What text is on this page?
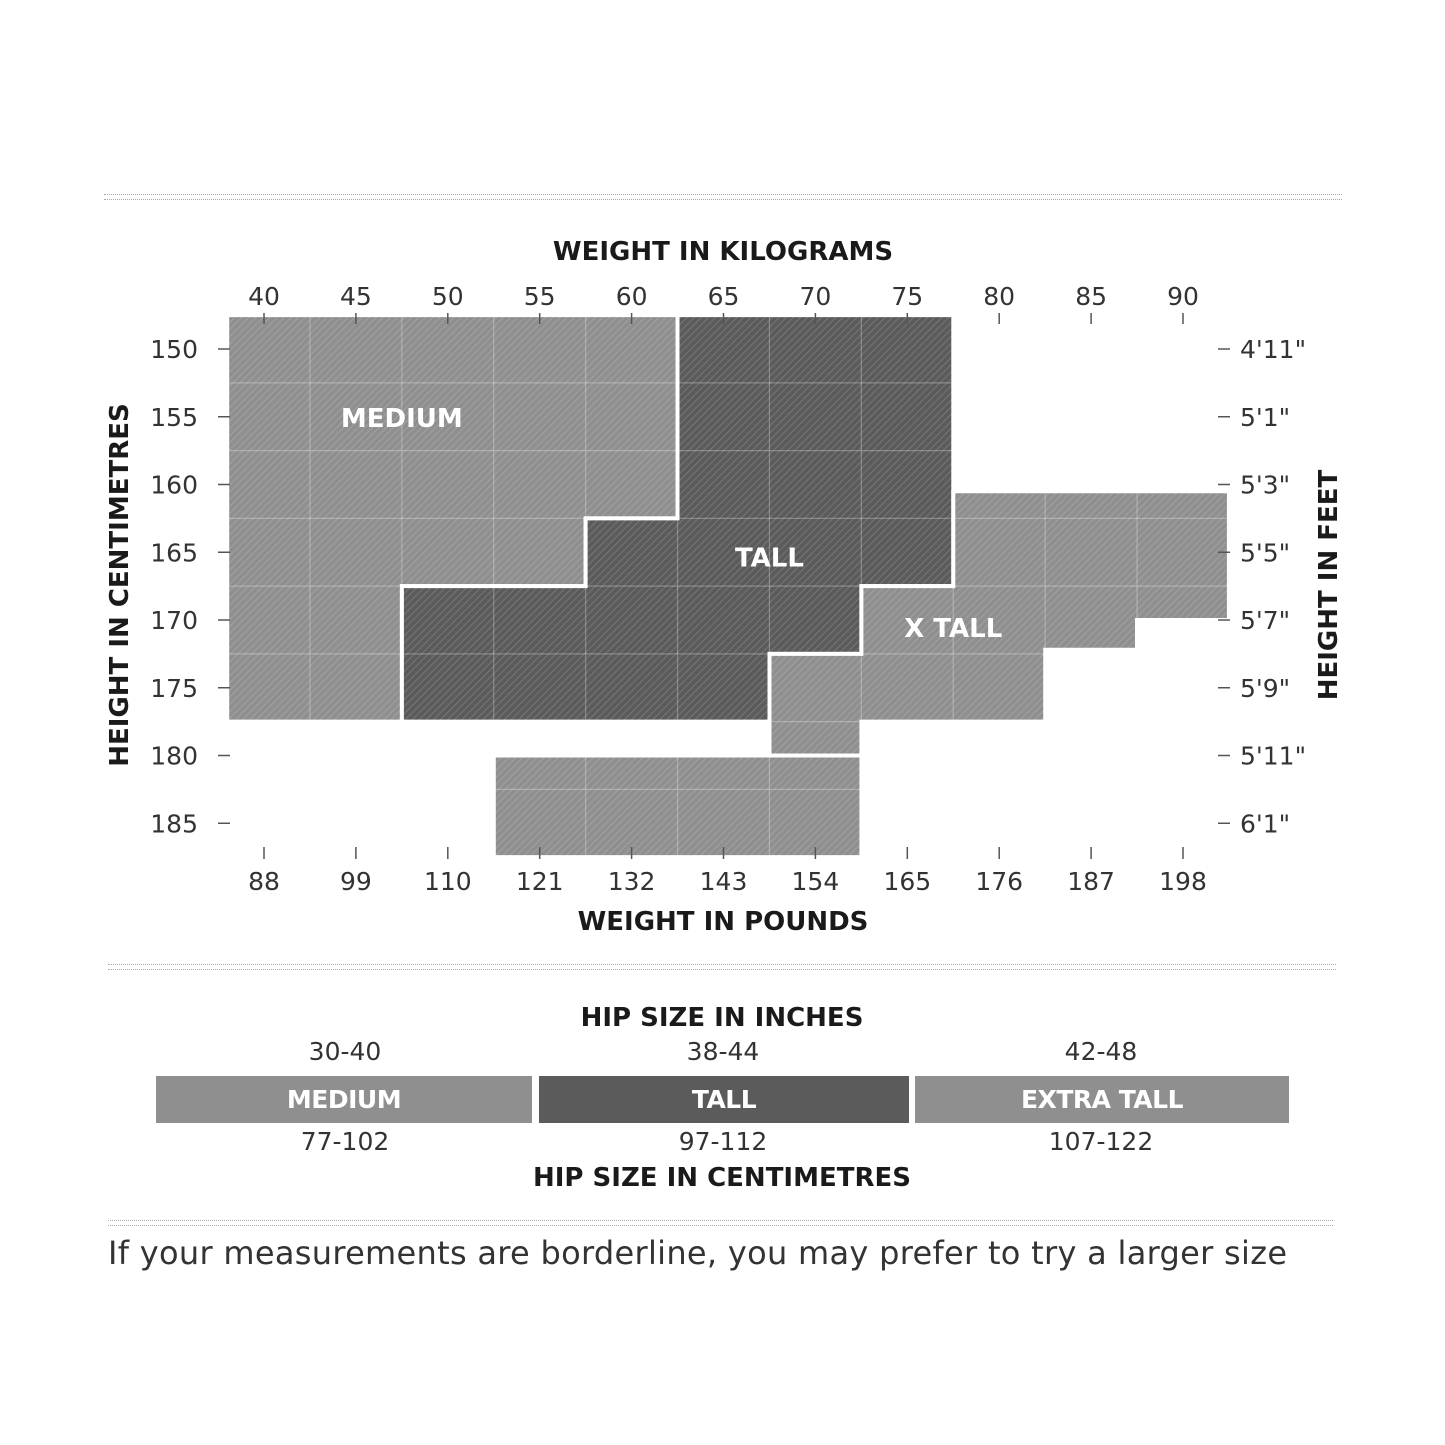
40 45 50 55 60 65 70 75 80 85 90
88 99 110 121 132 143 154 165 176 187 198
150
155
160
165
170
175
180
185
4'11"
5'1"
5'3"
5'5"
5'7"
5'9"
5'11"
6'1"
MEDIUM
TALL
X TALL
WEIGHT IN KILOGRAMS
WEIGHT IN POUNDS
HEIGHT IN CENTIMETRES	HEIGHT IN FEET
HIP SIZE IN INCHES
30-40	38-44	42-48
MEDIUM	TALL	EXTRA TALL
77-102	97-112	107-122
HIP SIZE IN CENTIMETRES
If your measurements are borderline, you may prefer to try a larger size
